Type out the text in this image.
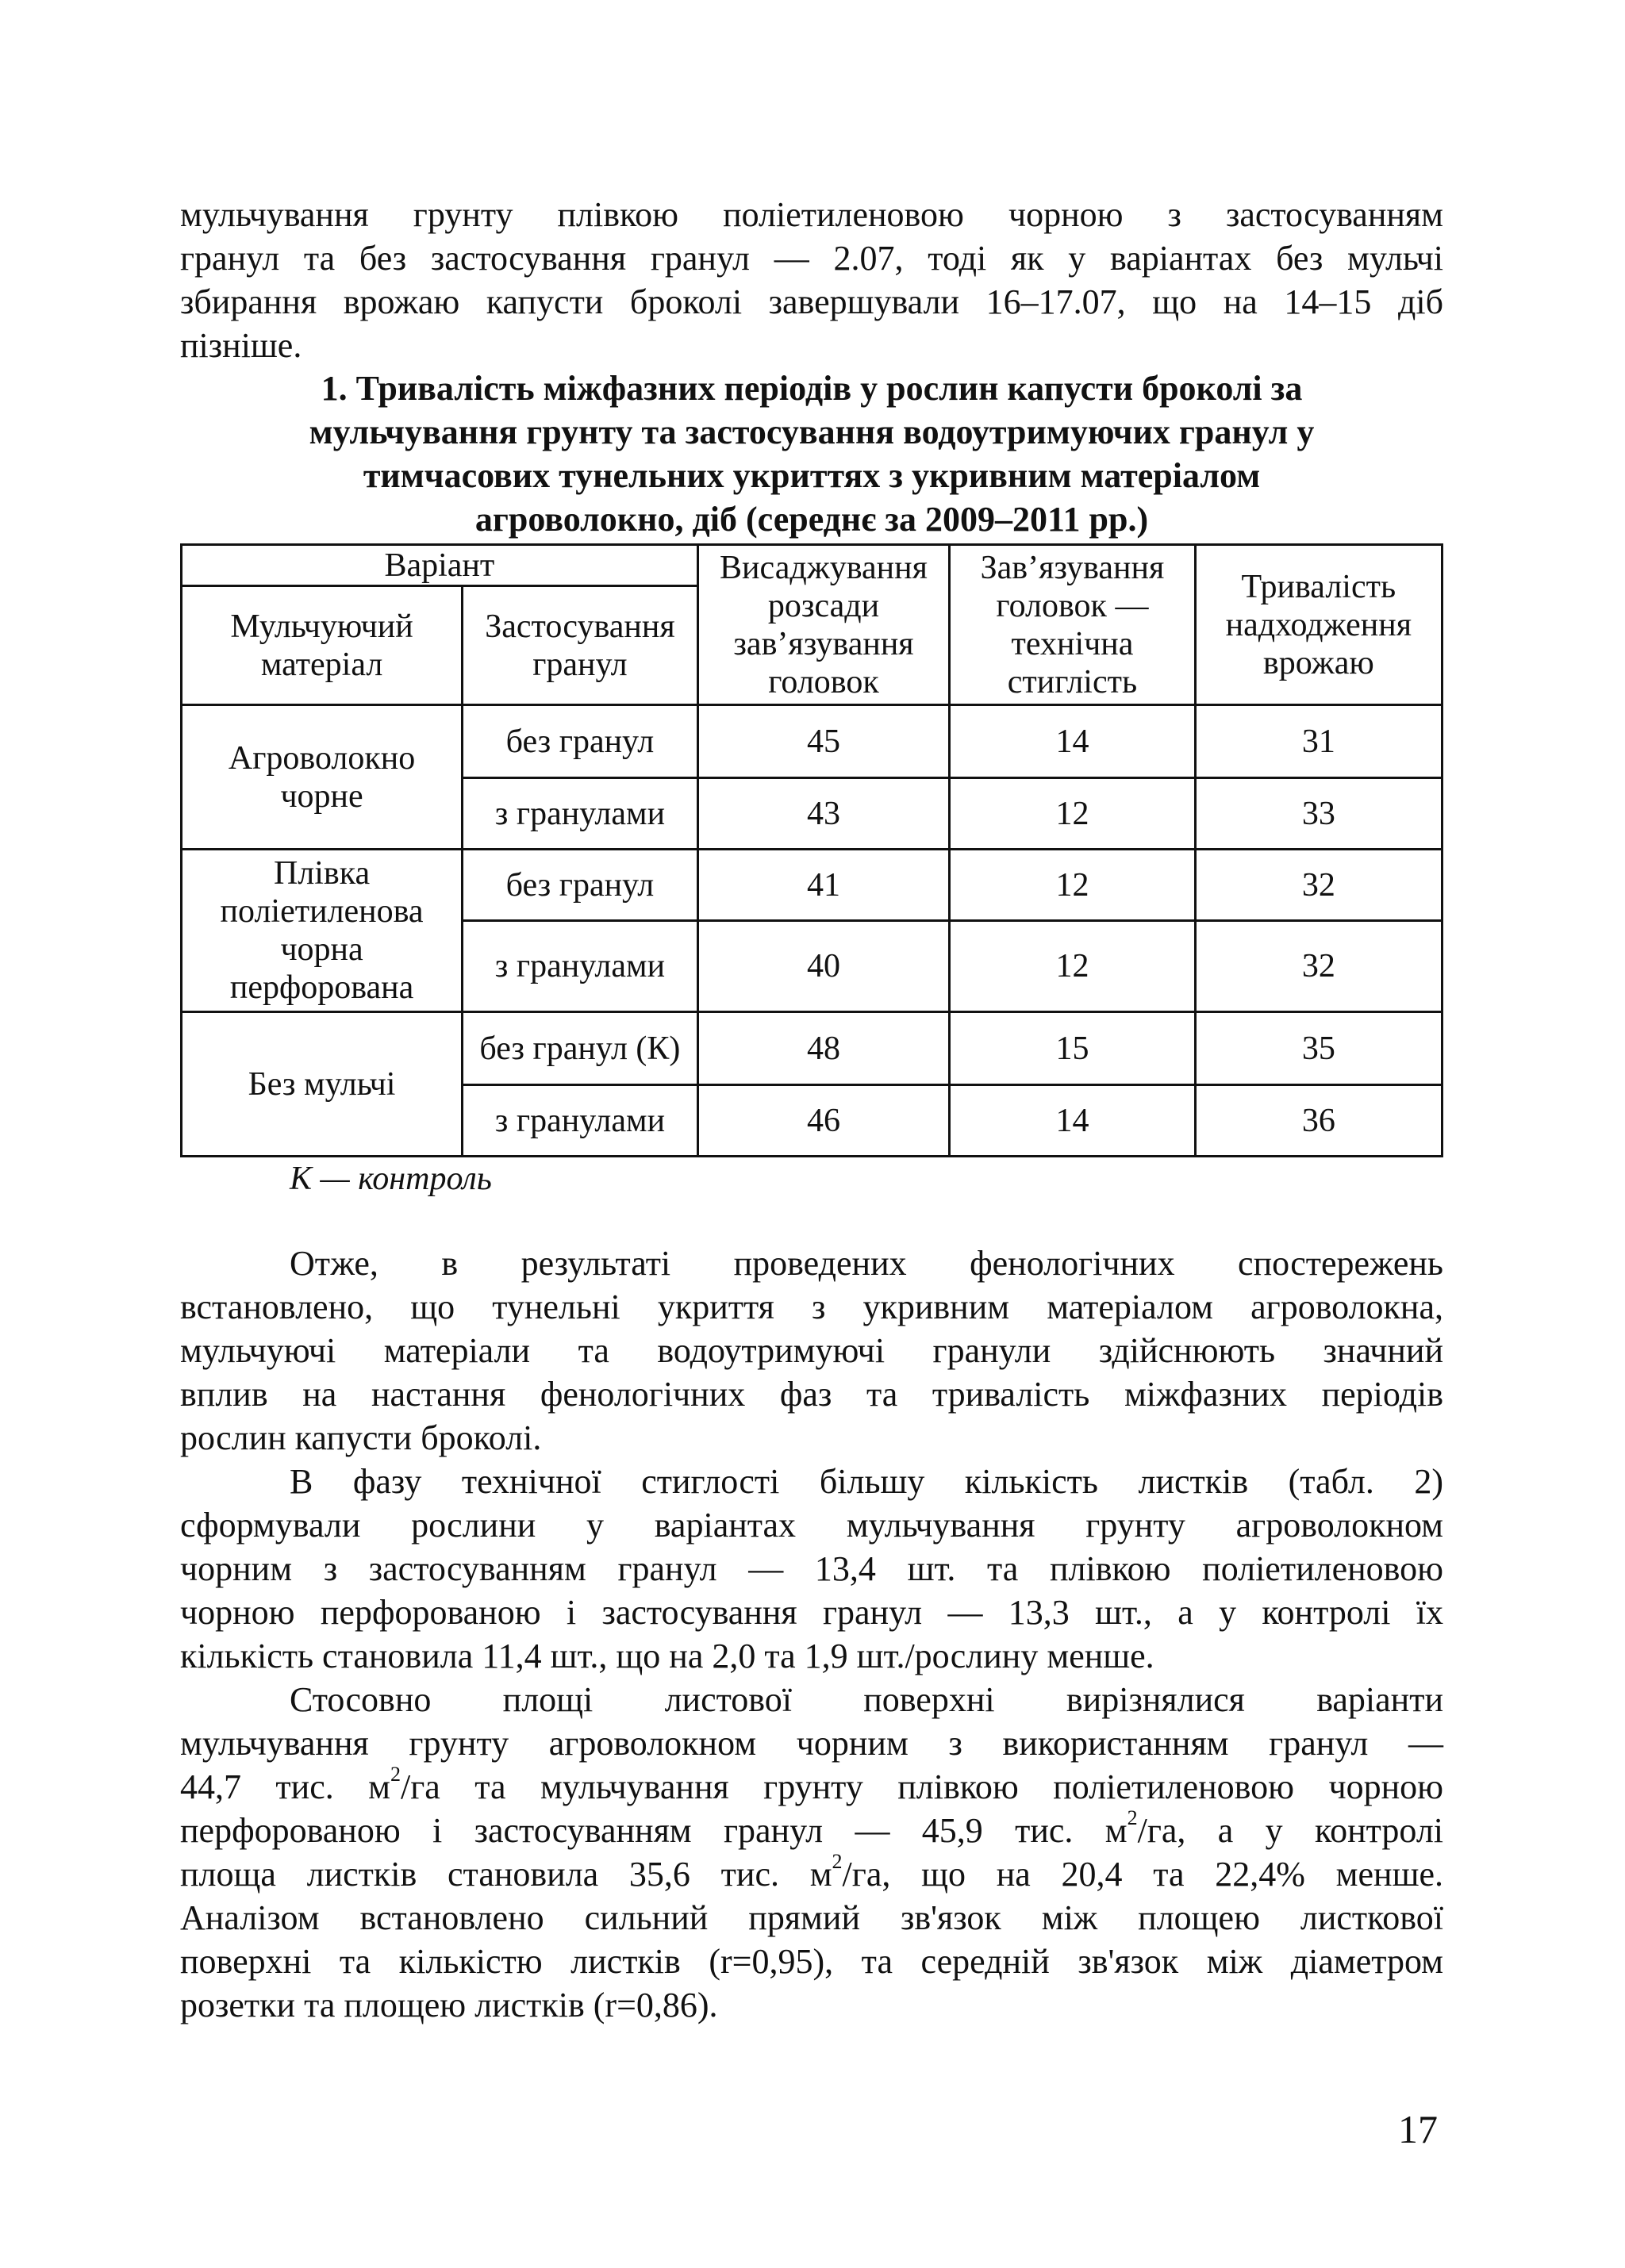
мульчування грунту плівкою поліетиленовою чорною з застосуванням
гранул та без застосування гранул — 2.07, тоді як у варіантах без мульчі
збирання врожаю капусти броколі завершували 16–17.07, що на 14–15 діб
пізніше.
1. Тривалість міжфазних періодів у рослин капусти броколі за
мульчування грунту та застосування водоутримуючих гранул у
тимчасових тунельних укриттях з укривним матеріалом
агроволокно, діб (середнє за 2009–2011 рр.)
Варіант		Висаджування розсади зав’язування головок	Зав’язування головок — технічна стиглість	Тривалість надходження врожаю
Мульчуючий матеріал	Застосування гранул			
Агроволокно чорне	без гранул	45	14	31
	з гранулами	43	12	33
Плівка поліетиленова чорна перфорована	без гранул	41	12	32
	з гранулами	40	12	32
Без мульчі	без гранул (К)	48	15	35
	з гранулами	46	14	36

К — контроль

Отже, в результаті проведених фенологічних спостережень
встановлено, що тунельні укриття з укривним матеріалом агроволокна,
мульчуючі матеріали та водоутримуючі гранули здійснюють значний
вплив на настання фенологічних фаз та тривалість міжфазних періодів
рослин капусти броколі.
В фазу технічної стиглості більшу кількість листків (табл. 2)
сформували рослини у варіантах мульчування грунту агроволокном
чорним з застосуванням гранул — 13,4 шт. та плівкою поліетиленовою
чорною перфорованою і застосування гранул — 13,3 шт., а у контролі їх
кількість становила 11,4 шт., що на 2,0 та 1,9 шт./рослину менше.
Стосовно площі листової поверхні вирізнялися варіанти
мульчування грунту агроволокном чорним з використанням гранул —
44,7 тис. $м^2/га$ та мульчування грунту плівкою поліетиленовою чорною
перфорованою і застосуванням гранул — 45,9 тис. $м^2/га$, а у контролі
площа листків становила 35,6 тис. $м^2/га$, що на 20,4 та 22,4% менше.
Аналізом встановлено сильний прямий зв'язок між площею листкової
поверхні та кількістю листків (r=0,95), та середній зв'язок між діаметром
розетки та площею листків (r=0,86).

17
